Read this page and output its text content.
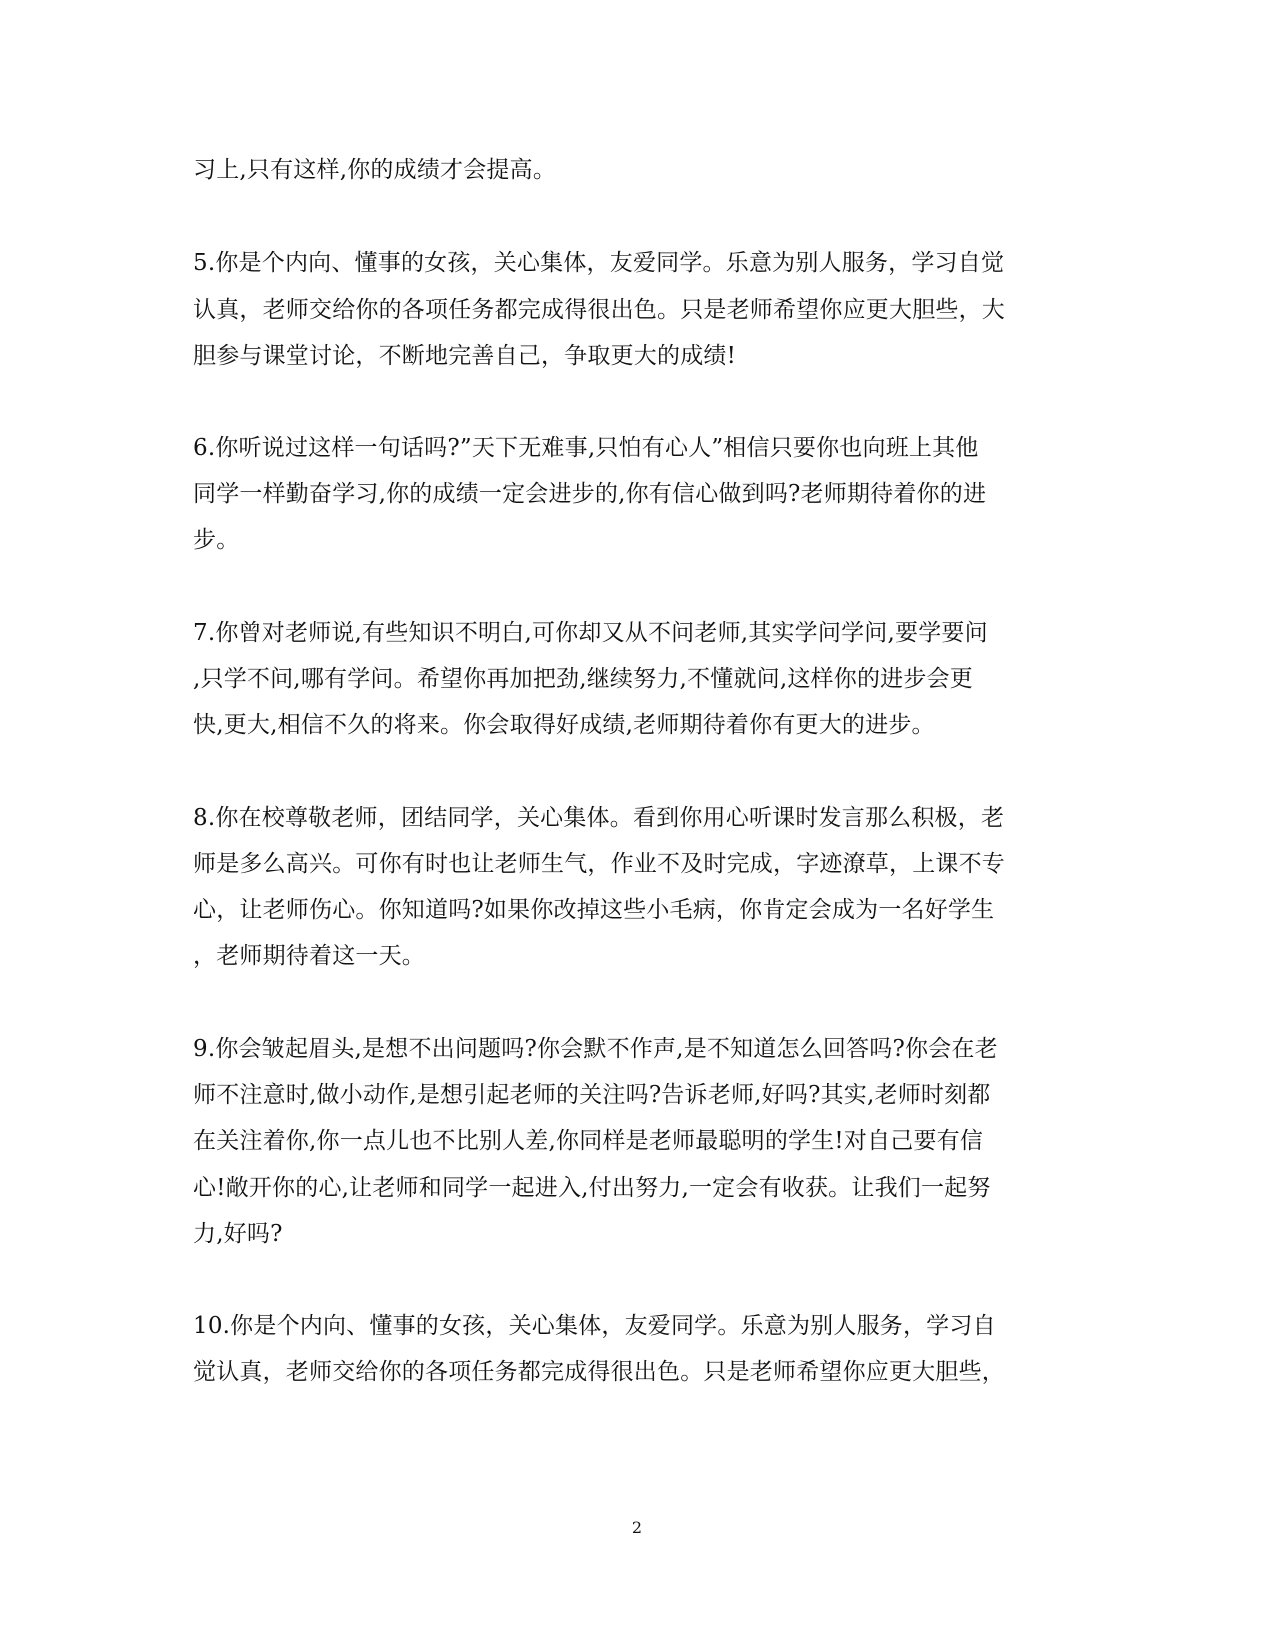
习上,只有这样,你的成绩才会提高。
5.你是个内向、懂事的女孩，关心集体，友爱同学。乐意为别人服务，学习自觉
认真，老师交给你的各项任务都完成得很出色。只是老师希望你应更大胆些，大
胆参与课堂讨论，不断地完善自己，争取更大的成绩!
6.你听说过这样一句话吗?”天下无难事,只怕有心人”相信只要你也向班上其他
同学一样勤奋学习,你的成绩一定会进步的,你有信心做到吗?老师期待着你的进
步。
7.你曾对老师说,有些知识不明白,可你却又从不问老师,其实学问学问,要学要问
,只学不问,哪有学问。希望你再加把劲,继续努力,不懂就问,这样你的进步会更
快,更大,相信不久的将来。你会取得好成绩,老师期待着你有更大的进步。
8.你在校尊敬老师，团结同学，关心集体。看到你用心听课时发言那么积极，老
师是多么高兴。可你有时也让老师生气，作业不及时完成，字迹潦草，上课不专
心，让老师伤心。你知道吗?如果你改掉这些小毛病，你肯定会成为一名好学生
，老师期待着这一天。
9.你会皱起眉头,是想不出问题吗?你会默不作声,是不知道怎么回答吗?你会在老
师不注意时,做小动作,是想引起老师的关注吗?告诉老师,好吗?其实,老师时刻都
在关注着你,你一点儿也不比别人差,你同样是老师最聪明的学生!对自己要有信
心!敞开你的心,让老师和同学一起进入,付出努力,一定会有收获。让我们一起努
力,好吗?
10.你是个内向、懂事的女孩，关心集体，友爱同学。乐意为别人服务，学习自
觉认真，老师交给你的各项任务都完成得很出色。只是老师希望你应更大胆些，
2
